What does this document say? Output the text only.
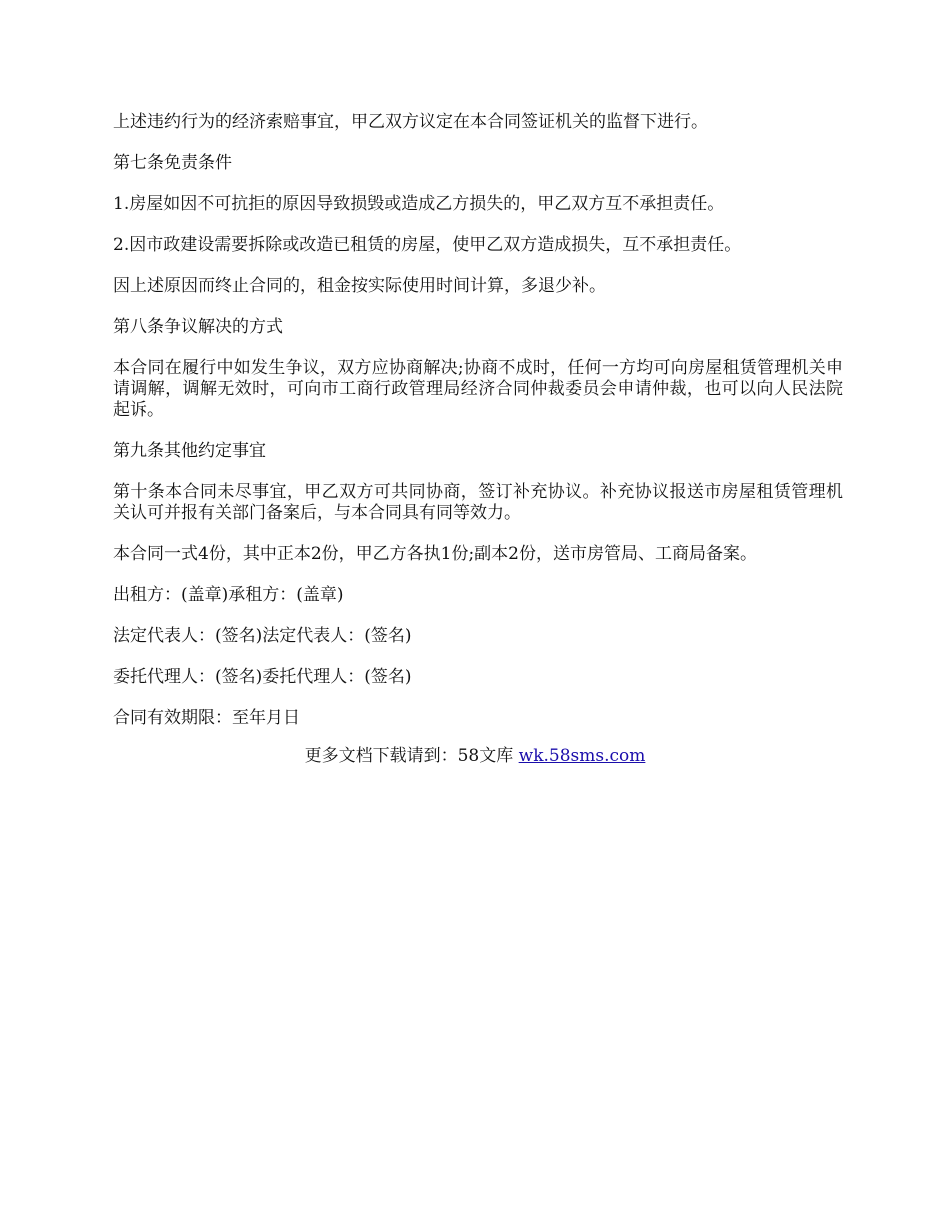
上述违约行为的经济索赔事宜，甲乙双方议定在本合同签证机关的监督下进行。

第七条免责条件

1.房屋如因不可抗拒的原因导致损毁或造成乙方损失的，甲乙双方互不承担责任。

2.因市政建设需要拆除或改造已租赁的房屋，使甲乙双方造成损失，互不承担责任。

因上述原因而终止合同的，租金按实际使用时间计算，多退少补。

第八条争议解决的方式

本合同在履行中如发生争议，双方应协商解决;协商不成时，任何一方均可向房屋租赁管理机关申请调解，调解无效时，可向市工商行政管理局经济合同仲裁委员会申请仲裁，也可以向人民法院起诉。

第九条其他约定事宜

第十条本合同未尽事宜，甲乙双方可共同协商，签订补充协议。补充协议报送市房屋租赁管理机关认可并报有关部门备案后，与本合同具有同等效力。

本合同一式4份，其中正本2份，甲乙方各执1份;副本2份，送市房管局、工商局备案。

出租方：(盖章)承租方：(盖章)

法定代表人：(签名)法定代表人：(签名)

委托代理人：(签名)委托代理人：(签名)

合同有效期限：至年月日

更多文档下载请到：58文库 wk.58sms.com
